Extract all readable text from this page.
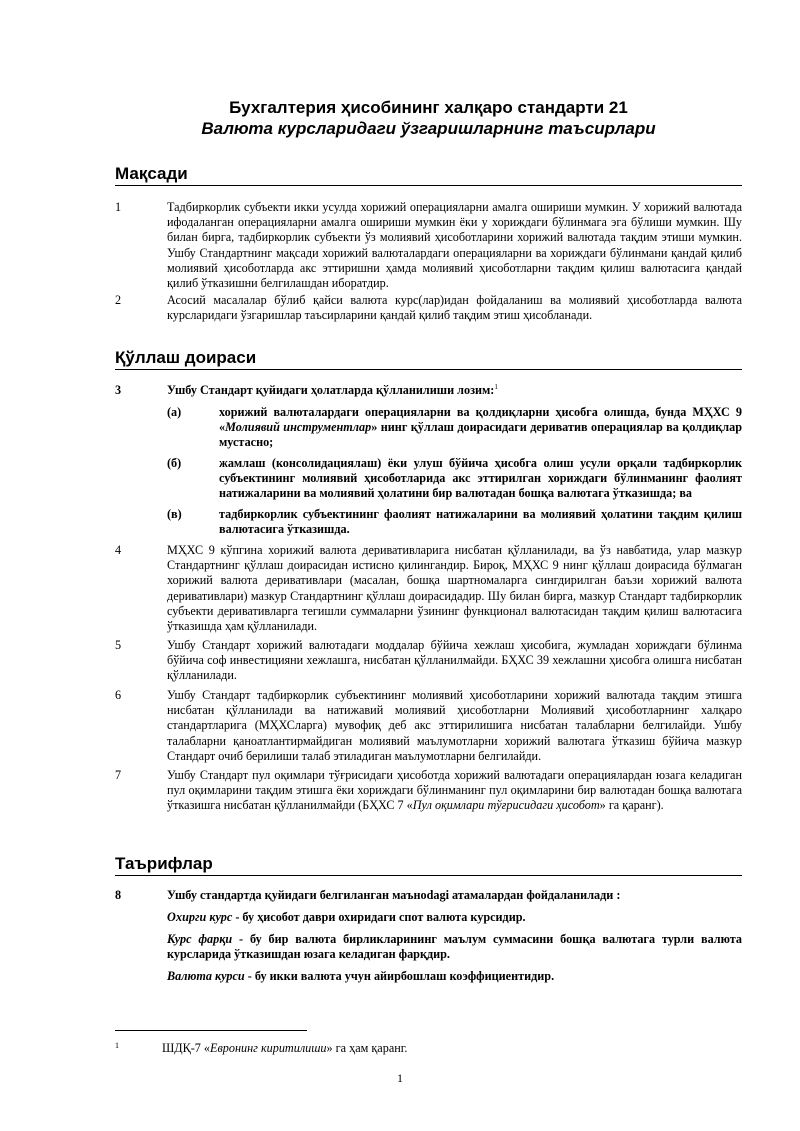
Бухгалтерия ҳисобининг халқаро стандарти 21
Валюта курсларидаги ўзгаришларнинг таъсирлари
Мақсади
1	Тадбиркорлик субъекти икки усулда хорижий операцияларни амалга ошириши мумкин. У хорижий валютада ифодаланган операцияларни амалга ошириши мумкин ёки у хориждаги бўлинмага эга бўлиши мумкин. Шу билан бирга, тадбиркорлик субъекти ўз молиявий ҳисоботларини хорижий валютада тақдим этиши мумкин. Ушбу Стандартнинг мақсади хорижий валюталардаги операцияларни ва хориждаги бўлинмани қандай қилиб молиявий ҳисоботларда акс эттиришни ҳамда молиявий ҳисоботларни тақдим қилиш валютасига қандай қилиб ўтказишни белгилашдан иборатдир.
2	Асосий масалалар бўлиб қайси валюта курс(лар)идан фойдаланиш ва молиявий ҳисоботларда валюта курсларидаги ўзгаришлар таъсирларини қандай қилиб тақдим этиш ҳисобланади.
Қўллаш доираси
3	Ушбу Стандарт қуйидаги ҳолатларда қўлланилиши лозим:$^1$
(а)	хорижий валюталардаги операцияларни ва қолдиқларни ҳисобга олишда, бунда МҲХС 9 «Молиявий инструментлар» нинг қўллаш доирасидаги дериватив операциялар ва қолдиқлар мустасно;
(б)	жамлаш (консолидациялаш) ёки улуш бўйича ҳисобга олиш усули орқали тадбиркорлик субъектининг молиявий ҳисоботларида акс эттирилган хориждаги бўлинманинг фаолият натижаларини ва молиявий ҳолатини бир валютадан бошқа валютага ўтказишда; ва
(в)	тадбиркорлик субъектининг фаолият натижаларини ва молиявий ҳолатини тақдим қилиш валютасига ўтказишда.
4	МҲХС 9 кўпгина хорижий валюта деривативларига нисбатан қўлланилади, ва ўз навбатида, улар мазкур Стандартнинг қўллаш доирасидан истисно қилингандир. Бироқ, МҲХС 9 нинг қўллаш доирасида бўлмаган хорижий валюта деривативлари (масалан, бошқа шартномаларга сингдирилган баъзи хорижий валюта деривативлари) мазкур Стандартнинг қўллаш доирасидадир. Шу билан бирга, мазкур Стандарт тадбиркорлик субъекти деривативларга тегишли суммаларни ўзининг функционал валютасидан тақдим қилиш валютасига ўтказишда ҳам қўлланилади.
5	Ушбу Стандарт хорижий валютадаги моддалар бўйича хежлаш ҳисобига, жумладан хориждаги бўлинма бўйича соф инвестицияни хежлашга, нисбатан қўлланилмайди. БҲХС 39 хежлашни ҳисобга олишга нисбатан қўлланилади.
6	Ушбу Стандарт тадбиркорлик субъектининг молиявий ҳисоботларини хорижий валютада тақдим этишга нисбатан қўлланилади ва натижавий молиявий ҳисоботларни Молиявий ҳисоботларнинг халқаро стандартларига (МҲХСларга) мувофиқ деб акс эттирилишига нисбатан талабларни белгилайди. Ушбу талабларни қаноатлантирмайдиган молиявий маълумотларни хорижий валютага ўтказиш бўйича мазкур Стандарт очиб берилиши талаб этиладиган маълумотларни белгилайди.
7	Ушбу Стандарт пул оқимлари тўғрисидаги ҳисоботда хорижий валютадаги операциялардан юзага келадиган пул оқимларини тақдим этишга ёки хориждаги бўлинманинг пул оқимларини бир валютадан бошқа валютага ўтказишга нисбатан қўлланилмайди (БҲХС 7 «Пул оқимлари тўғрисидаги ҳисобот» га қаранг).
Таърифлар
8	Ушбу стандартда қуйидаги белгиланган маъноdagi атамалардан фойдаланилади :
Охирги курс - бу ҳисобот даври охиридаги спот валюта курсидир.
Курс фарқи - бу бир валюта бирликларининг маълум суммасини бошқа валютага турли валюта курсларида ўтказишдан юзага келадиган фарқдир.
Валюта курси - бу икки валюта учун айирбошлаш коэффициентидир.
1	ШДҚ-7 «Евронинг киритилиши» га ҳам қаранг.
1
